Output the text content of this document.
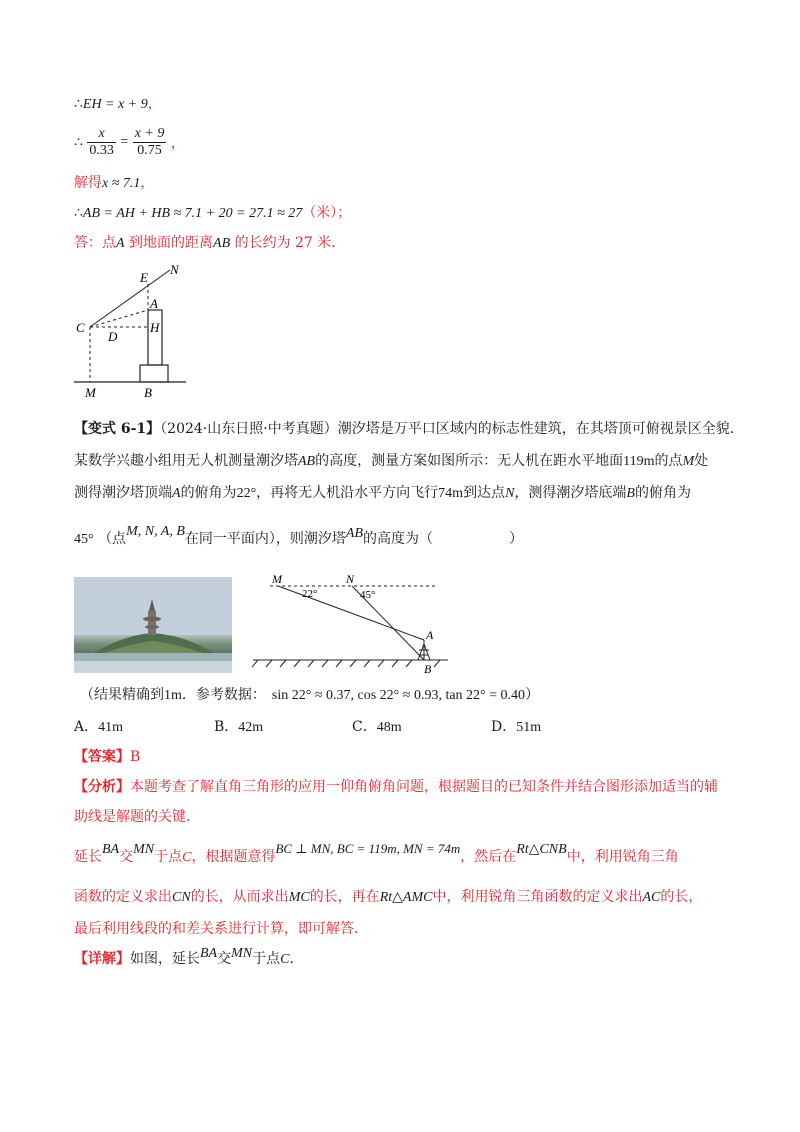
∴EH = x + 9，
∴ $\frac{x}{0.33} = \frac{x + 9}{0.75}$ ，
解得x ≈ 7.1，
∴AB = AH + HB ≈ 7.1 + 20 = 27.1 ≈ 27（米）；
答：点A 到地面的距离AB 的长约为 27 米．
E
N
A
C	H
D
M	B
【变式 6-1】（2024·山东日照·中考真题）潮汐塔是万平口区域内的标志性建筑，在其塔顶可俯视景区全貌．
某数学兴趣小组用无人机测量潮汐塔AB的高度，测量方案如图所示：无人机在距水平地面119m的点M处
测得潮汐塔顶端A的俯角为22°，再将无人机沿水平方向飞行74m到达点N，测得潮汐塔底端B的俯角为
45° （点M, N, A, B在同一平面内），则潮汐塔AB的高度为（	）
M	N
22°	45°
A
B
（结果精确到1m．参考数据： sin 22° ≈ 0.37, cos 22° ≈ 0.93, tan 22° = 0.40）
A．41m	B．42m	C．48m	D．51m
【答案】B
【分析】本题考查了解直角三角形的应用一仰角俯角问题，根据题目的已知条件并结合图形添加适当的辅
助线是解题的关键．
延长BA交MN于点C，根据题意得BC ⊥ MN, BC = 119m, MN = 74m，然后在Rt△CNB中，利用锐角三角
函数的定义求出CN的长，从而求出MC的长，再在Rt△AMC中，利用锐角三角函数的定义求出AC的长，
最后利用线段的和差关系进行计算，即可解答．
【详解】如图，延长BA交MN于点C．
